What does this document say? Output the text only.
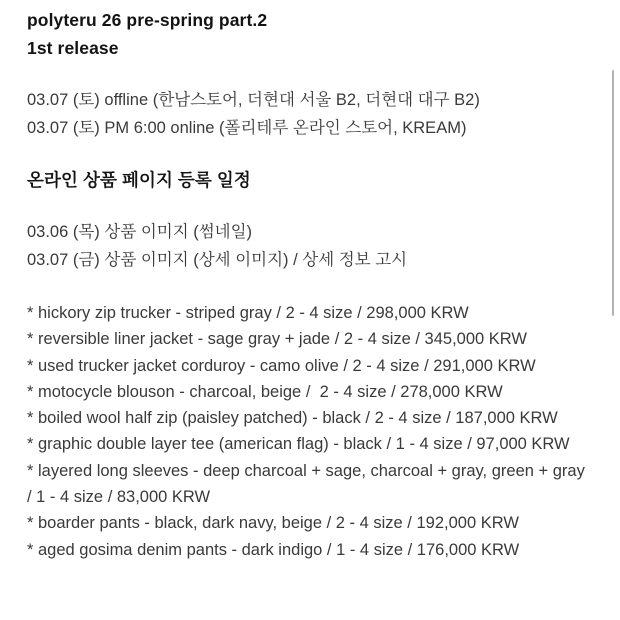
polyteru 26 pre-spring part.2

1st release

03.07 (토) offline (한남스토어, 더현대 서울 B2, 더현대 대구 B2)

03.07 (토) PM 6:00 online (폴리테루 온라인 스토어, KREAM)

온라인 상품 페이지 등록 일정

03.06 (목) 상품 이미지 (썸네일)

03.07 (금) 상품 이미지 (상세 이미지) / 상세 정보 고시

* hickory zip trucker - striped gray / 2 - 4 size / 298,000 KRW

* reversible liner jacket - sage gray + jade / 2 - 4 size / 345,000 KRW

* used trucker jacket corduroy - camo olive / 2 - 4 size / 291,000 KRW

* motocycle blouson - charcoal, beige /  2 - 4 size / 278,000 KRW

* boiled wool half zip (paisley patched) - black / 2 - 4 size / 187,000 KRW

* graphic double layer tee (american flag) - black / 1 - 4 size / 97,000 KRW

* layered long sleeves - deep charcoal + sage, charcoal + gray, green + gray  / 1 - 4 size / 83,000 KRW

* boarder pants - black, dark navy, beige / 2 - 4 size / 192,000 KRW

* aged gosima denim pants - dark indigo / 1 - 4 size / 176,000 KRW
